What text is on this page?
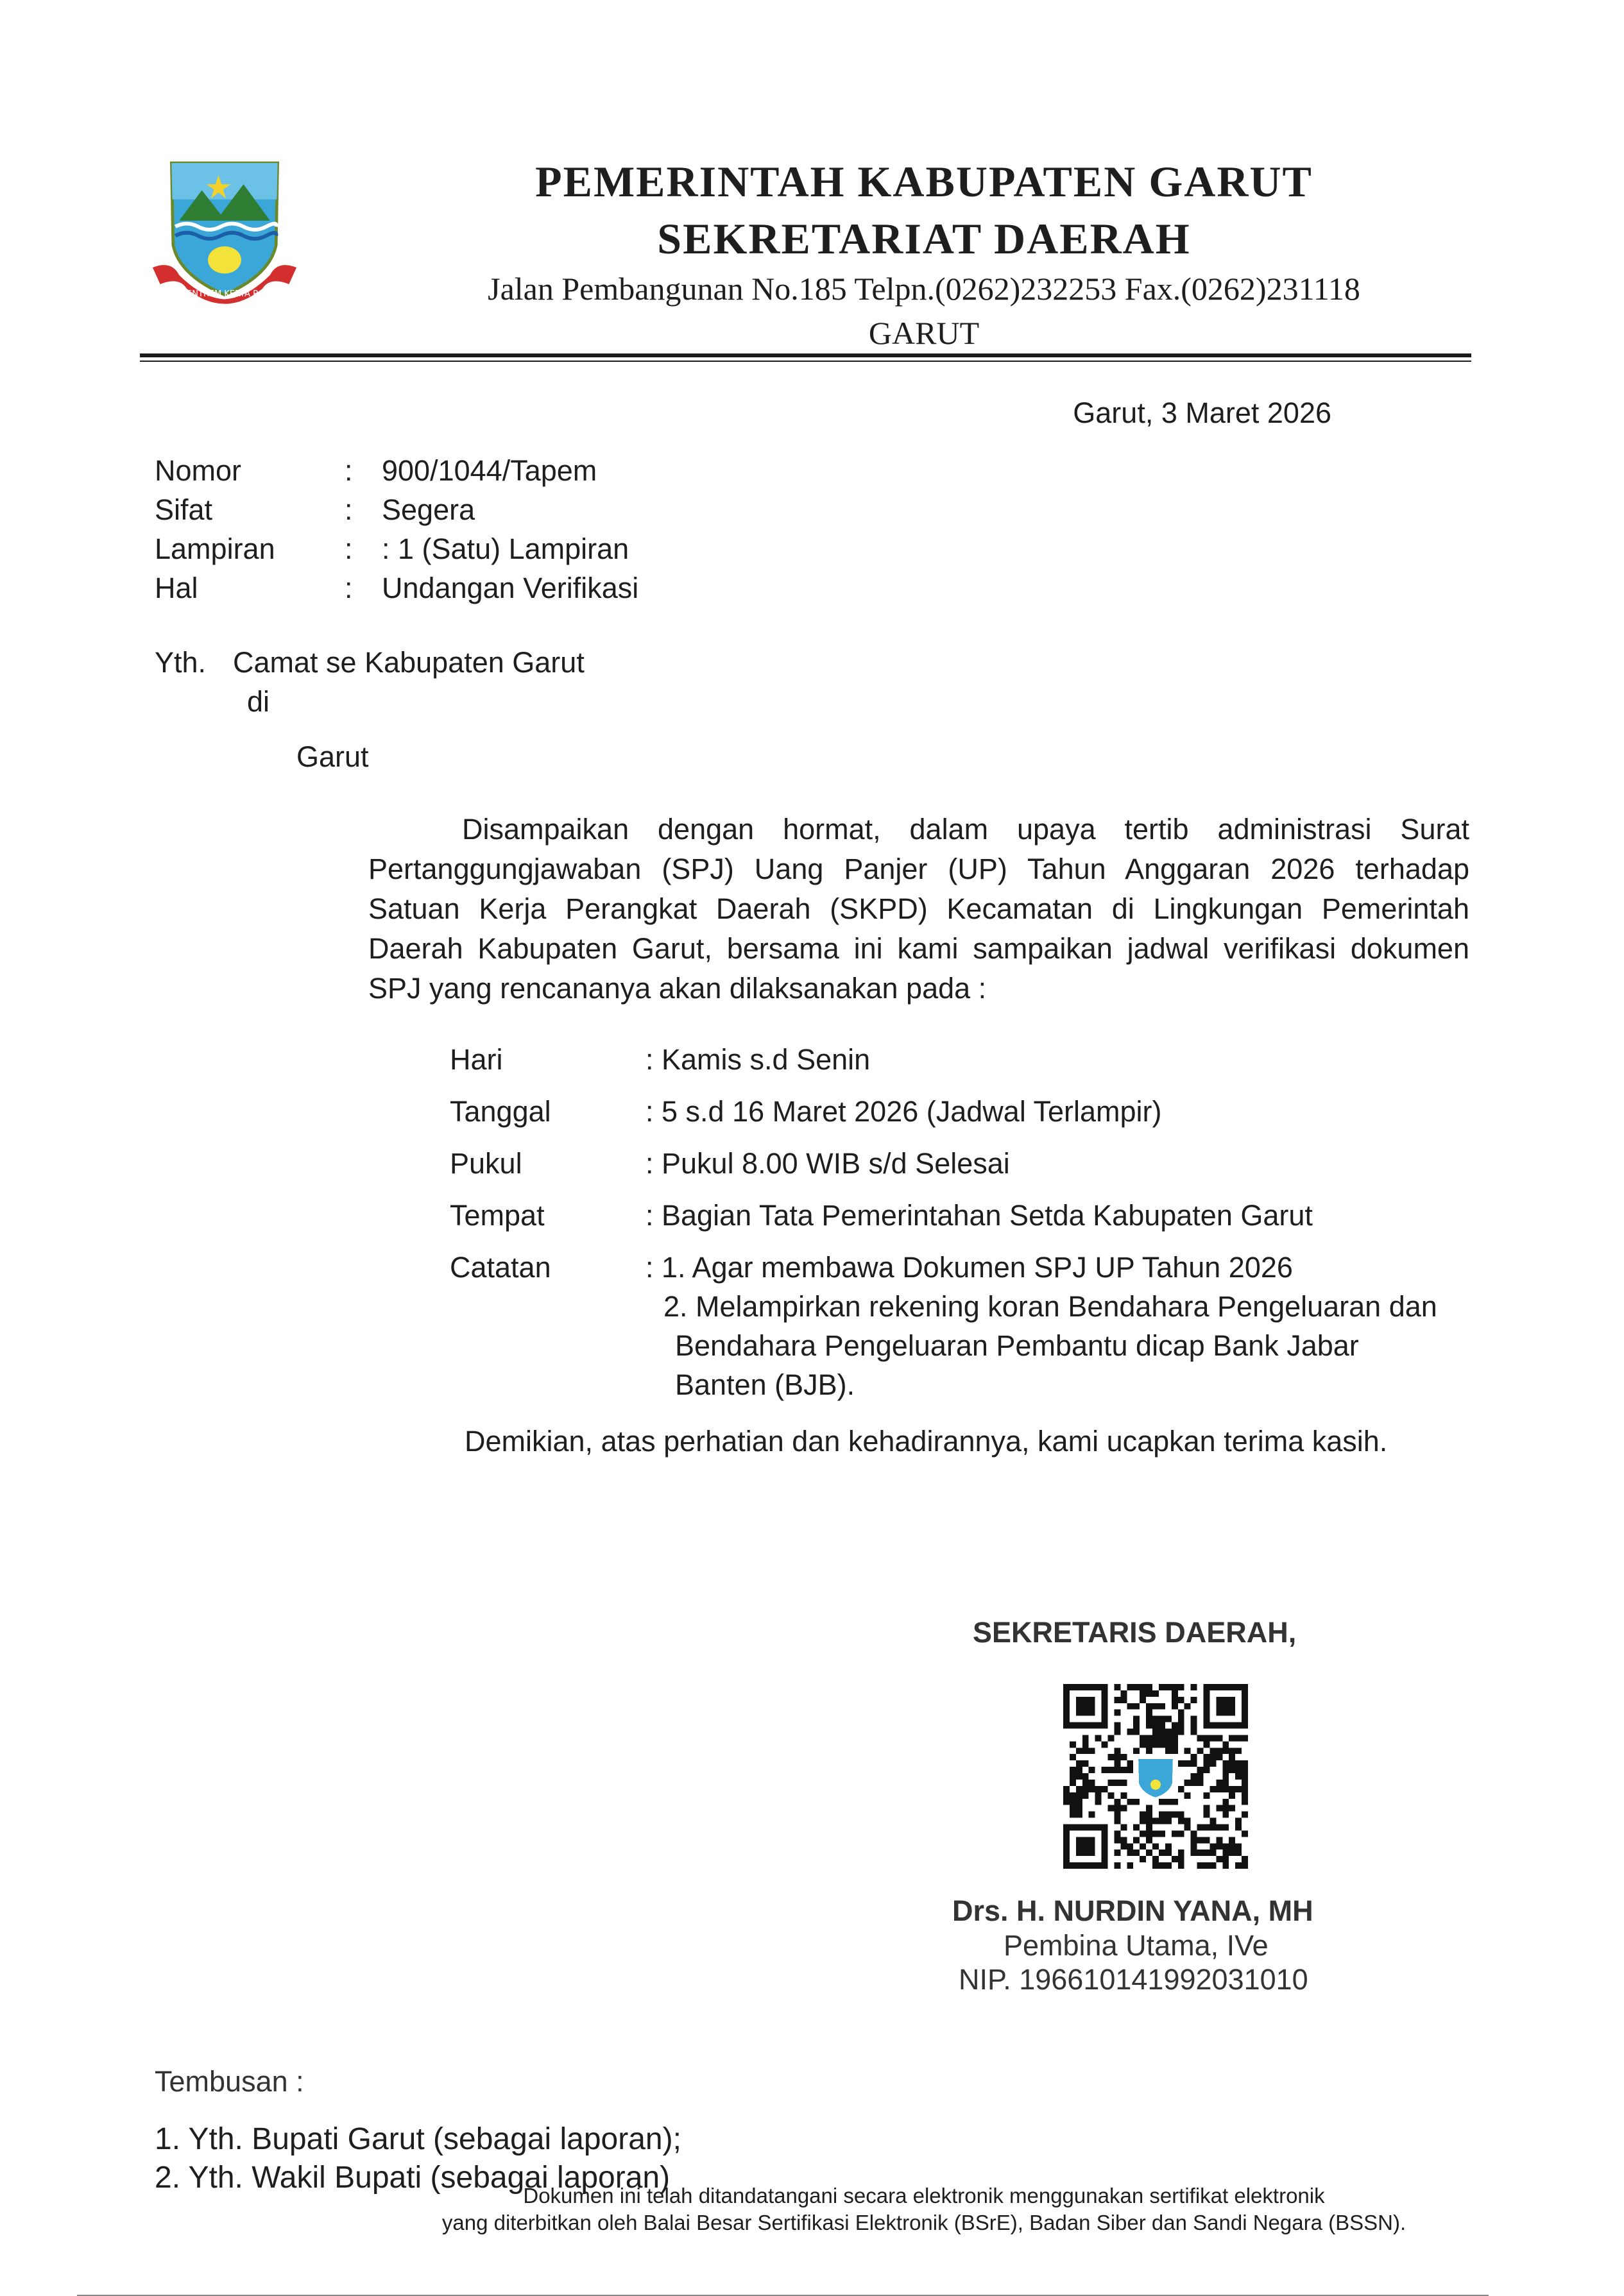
TATA TENTREM KERTA RAHARJA
PEMERINTAH KABUPATEN GARUT
SEKRETARIAT DAERAH
Jalan Pembangunan No.185 Telpn.(0262)232253 Fax.(0262)231118
GARUT
Garut, 3 Maret 2026
Nomor	: 900/1044/Tapem
Sifat	: Segera
Lampiran : : 1 (Satu) Lampiran
Hal	: Undangan Verifikasi
Yth. Camat se Kabupaten Garut
di
Garut
Disampaikan dengan hormat, dalam upaya tertib administrasi Surat
Pertanggungjawaban (SPJ) Uang Panjer (UP) Tahun Anggaran 2026 terhadap
Satuan Kerja Perangkat Daerah (SKPD) Kecamatan di Lingkungan Pemerintah
Daerah Kabupaten Garut, bersama ini kami sampaikan jadwal verifikasi dokumen
SPJ yang rencananya akan dilaksanakan pada :
Hari	: Kamis s.d Senin
Tanggal	: 5 s.d 16 Maret 2026 (Jadwal Terlampir)
Pukul	: Pukul 8.00 WIB s/d Selesai
Tempat	: Bagian Tata Pemerintahan Setda Kabupaten Garut
Catatan	: 1. Agar membawa Dokumen SPJ UP Tahun 2026
2. Melampirkan rekening koran Bendahara Pengeluaran dan
Bendahara Pengeluaran Pembantu dicap Bank Jabar
Banten (BJB).
Demikian, atas perhatian dan kehadirannya, kami ucapkan terima kasih.
SEKRETARIS DAERAH,
Drs. H. NURDIN YANA, MH
Pembina Utama, IVe
NIP. 196610141992031010
Tembusan :
1. Yth. Bupati Garut (sebagai laporan);
2. Yth. Wakil Bupati (sebagai laporan)
Dokumen ini telah ditandatangani secara elektronik menggunakan sertifikat elektronik
yang diterbitkan oleh Balai Besar Sertifikasi Elektronik (BSrE), Badan Siber dan Sandi Negara (BSSN).
